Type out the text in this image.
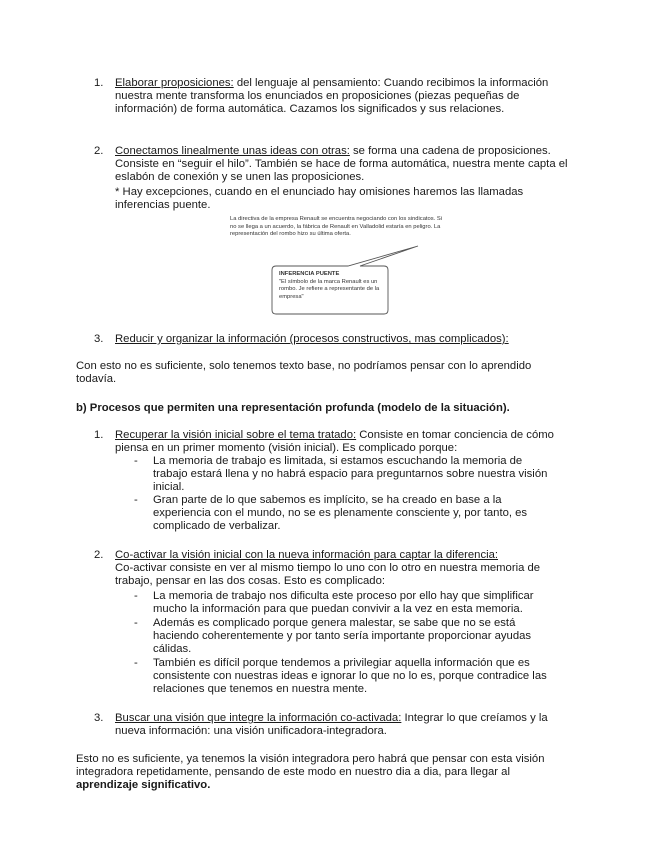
1.	Elaborar proposiciones: del lenguaje al pensamiento: Cuando recibimos la información nuestra mente transforma los enunciados en proposiciones (piezas pequeñas de información) de forma automática. Cazamos los significados y sus relaciones.

2.	Conectamos linealmente unas ideas con otras: se forma una cadena de proposiciones. Consiste en “seguir el hilo”. También se hace de forma automática, nuestra mente capta el eslabón de conexión y se unen las proposiciones.

* Hay excepciones, cuando en el enunciado hay omisiones haremos las llamadas inferencias puente.

La directiva de la empresa Renault se encuentra negociando con los sindicatos. Si no se llega a un acuerdo, la fábrica de Renault en Valladolid estaría en peligro. La representación del rombo hizo su última oferta.
INFERENCIA PUENTE
"El símbolo de la marca Renault es un rombo. Je refiere a representante de la empresa"
3.	Reducir y organizar la información (procesos constructivos, mas complicados):

Con esto no es suficiente, solo tenemos texto base, no podríamos pensar con lo aprendido todavía.

b) Procesos que permiten una representación profunda (modelo de la situación).

1.	Recuperar la visión inicial sobre el tema tratado: Consiste en tomar conciencia de cómo piensa en un primer momento (visión inicial). Es complicado porque:

- La memoria de trabajo es limitada, si estamos escuchando la memoria de trabajo estará llena y no habrá espacio para preguntarnos sobre nuestra visión inicial.

- Gran parte de lo que sabemos es implícito, se ha creado en base a la experiencia con el mundo, no se es plenamente consciente y, por tanto, es complicado de verbalizar.

2.	Co-activar la visión inicial con la nueva información para captar la diferencia:

Co-activar consiste en ver al mismo tiempo lo uno con lo otro en nuestra memoria de trabajo, pensar en las dos cosas. Esto es complicado:

- La memoria de trabajo nos dificulta este proceso por ello hay que simplificar mucho la información para que puedan convivir a la vez en esta memoria.

- Además es complicado porque genera malestar, se sabe que no se está haciendo coherentemente y por tanto sería importante proporcionar ayudas cálidas.

- También es difícil porque tendemos a privilegiar aquella información que es consistente con nuestras ideas e ignorar lo que no lo es, porque contradice las relaciones que tenemos en nuestra mente.

3.	Buscar una visión que integre la información co-activada: Integrar lo que creíamos y la nueva información: una visión unificadora-integradora.

Esto no es suficiente, ya tenemos la visión integradora pero habrá que pensar con esta visión integradora repetidamente, pensando de este modo en nuestro dia a dia, para llegar al aprendizaje significativo.
